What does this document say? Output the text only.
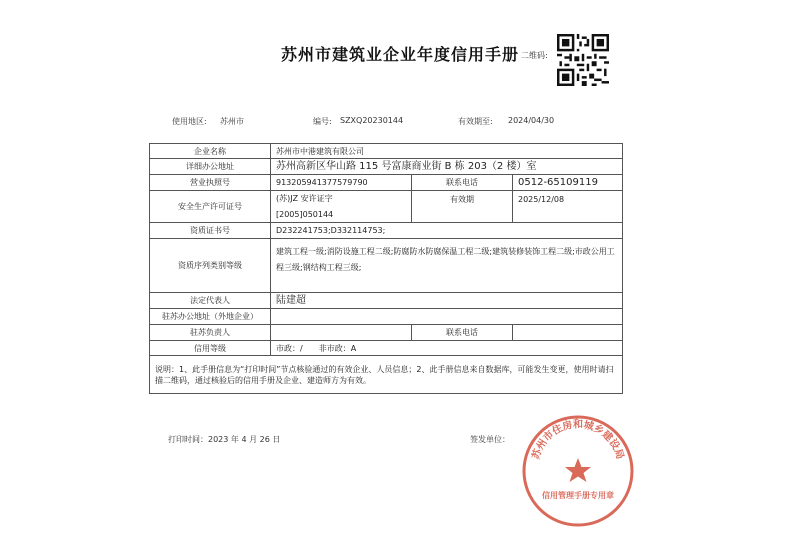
苏州市建筑业企业年度信用手册 二维码:
使用地区: 苏州市	编号: SZXQ20230144	有效期至: 2024/04/30
企业名称	苏州市中港建筑有限公司		
详细办公地址	苏州高新区华山路 115 号富康商业街 B 栋 203（2 楼）室		
营业执照号	913205941377579790	联系电话	0512-65109119
安全生产许可证号	(苏)JZ 安许证字
[2005]050144	有效期	2025/12/08
资质证书号	D232241753;D332114753;		
资质序列类别等级	建筑工程一级;消防设施工程二级;防腐防水防腐保温工程二级;建筑装修装饰工程二级;市政公用工程三级;钢结构工程三级;		
法定代表人	陆建超		
驻苏办公地址（外地企业）			
驻苏负责人		联系电话	
信用等级	市政：/　　非市政：A		
说明：1、此手册信息为“打印时间”节点核验通过的有效企业、人员信息；2、此手册信息来自数据库，可能发生变更，使用时请扫描二维码，通过核验后的信用手册及企业、建造师方为有效。			
打印时间：2023 年 4 月 26 日	签发单位：
苏州市住房和城乡建设局
信用管理手册专用章
